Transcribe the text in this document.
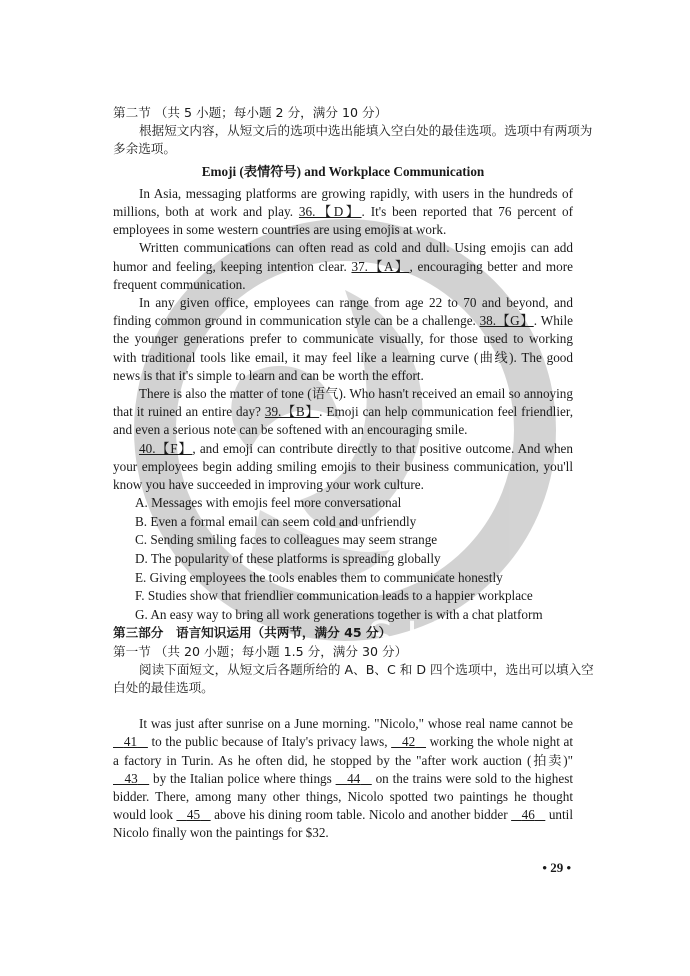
S I E A
第二节 （共 5 小题；每小题 2 分，满分 10 分）
根据短文内容，从短文后的选项中选出能填入空白处的最佳选项。选项中有两项为
多余选项。
Emoji (表情符号) and Workplace Communication

In Asia, messaging platforms are growing rapidly, with users in the hundreds of millions, both at work and play. 36.【D】. It's been reported that 76 percent of employees in some western countries are using emojis at work.

Written communications can often read as cold and dull. Using emojis can add humor and feeling, keeping intention clear. 37.【A】, encouraging better and more frequent communication.

In any given office, employees can range from age 22 to 70 and beyond, and finding common ground in communication style can be a challenge. 38.【G】. While the younger generations prefer to communicate visually, for those used to working with traditional tools like email, it may feel like a learning curve (曲线). The good news is that it's simple to learn and can be worth the effort.

There is also the matter of tone (语气). Who hasn't received an email so annoying that it ruined an entire day? 39.【B】. Emoji can help communication feel friendlier, and even a serious note can be softened with an encouraging smile.

40.【F】, and emoji can contribute directly to that positive outcome. And when your employees begin adding smiling emojis to their business communication, you'll know you have succeeded in improving your work culture.

A. Messages with emojis feel more conversational
B. Even a formal email can seem cold and unfriendly
C. Sending smiling faces to colleagues may seem strange
D. The popularity of these platforms is spreading globally
E. Giving employees the tools enables them to communicate honestly
F. Studies show that friendlier communication leads to a happier workplace
G. An easy way to bring all work generations together is with a chat platform
第三部分　语言知识运用（共两节，满分 45 分）
第一节 （共 20 小题；每小题 1.5 分，满分 30 分）
阅读下面短文，从短文后各题所给的 A、B、C 和 D 四个选项中，选出可以填入空
白处的最佳选项。

It was just after sunrise on a June morning. "Nicolo," whose real name cannot be    41    to the public because of Italy's privacy laws,    42    working the whole night at a factory in Turin. As he often did, he stopped by the "after work auction (拍卖)"    43    by the Italian police where things    44    on the trains were sold to the highest bidder. There, among many other things, Nicolo spotted two paintings he thought would look    45    above his dining room table. Nicolo and another bidder    46    until Nicolo finally won the paintings for $32.

• 29 •
